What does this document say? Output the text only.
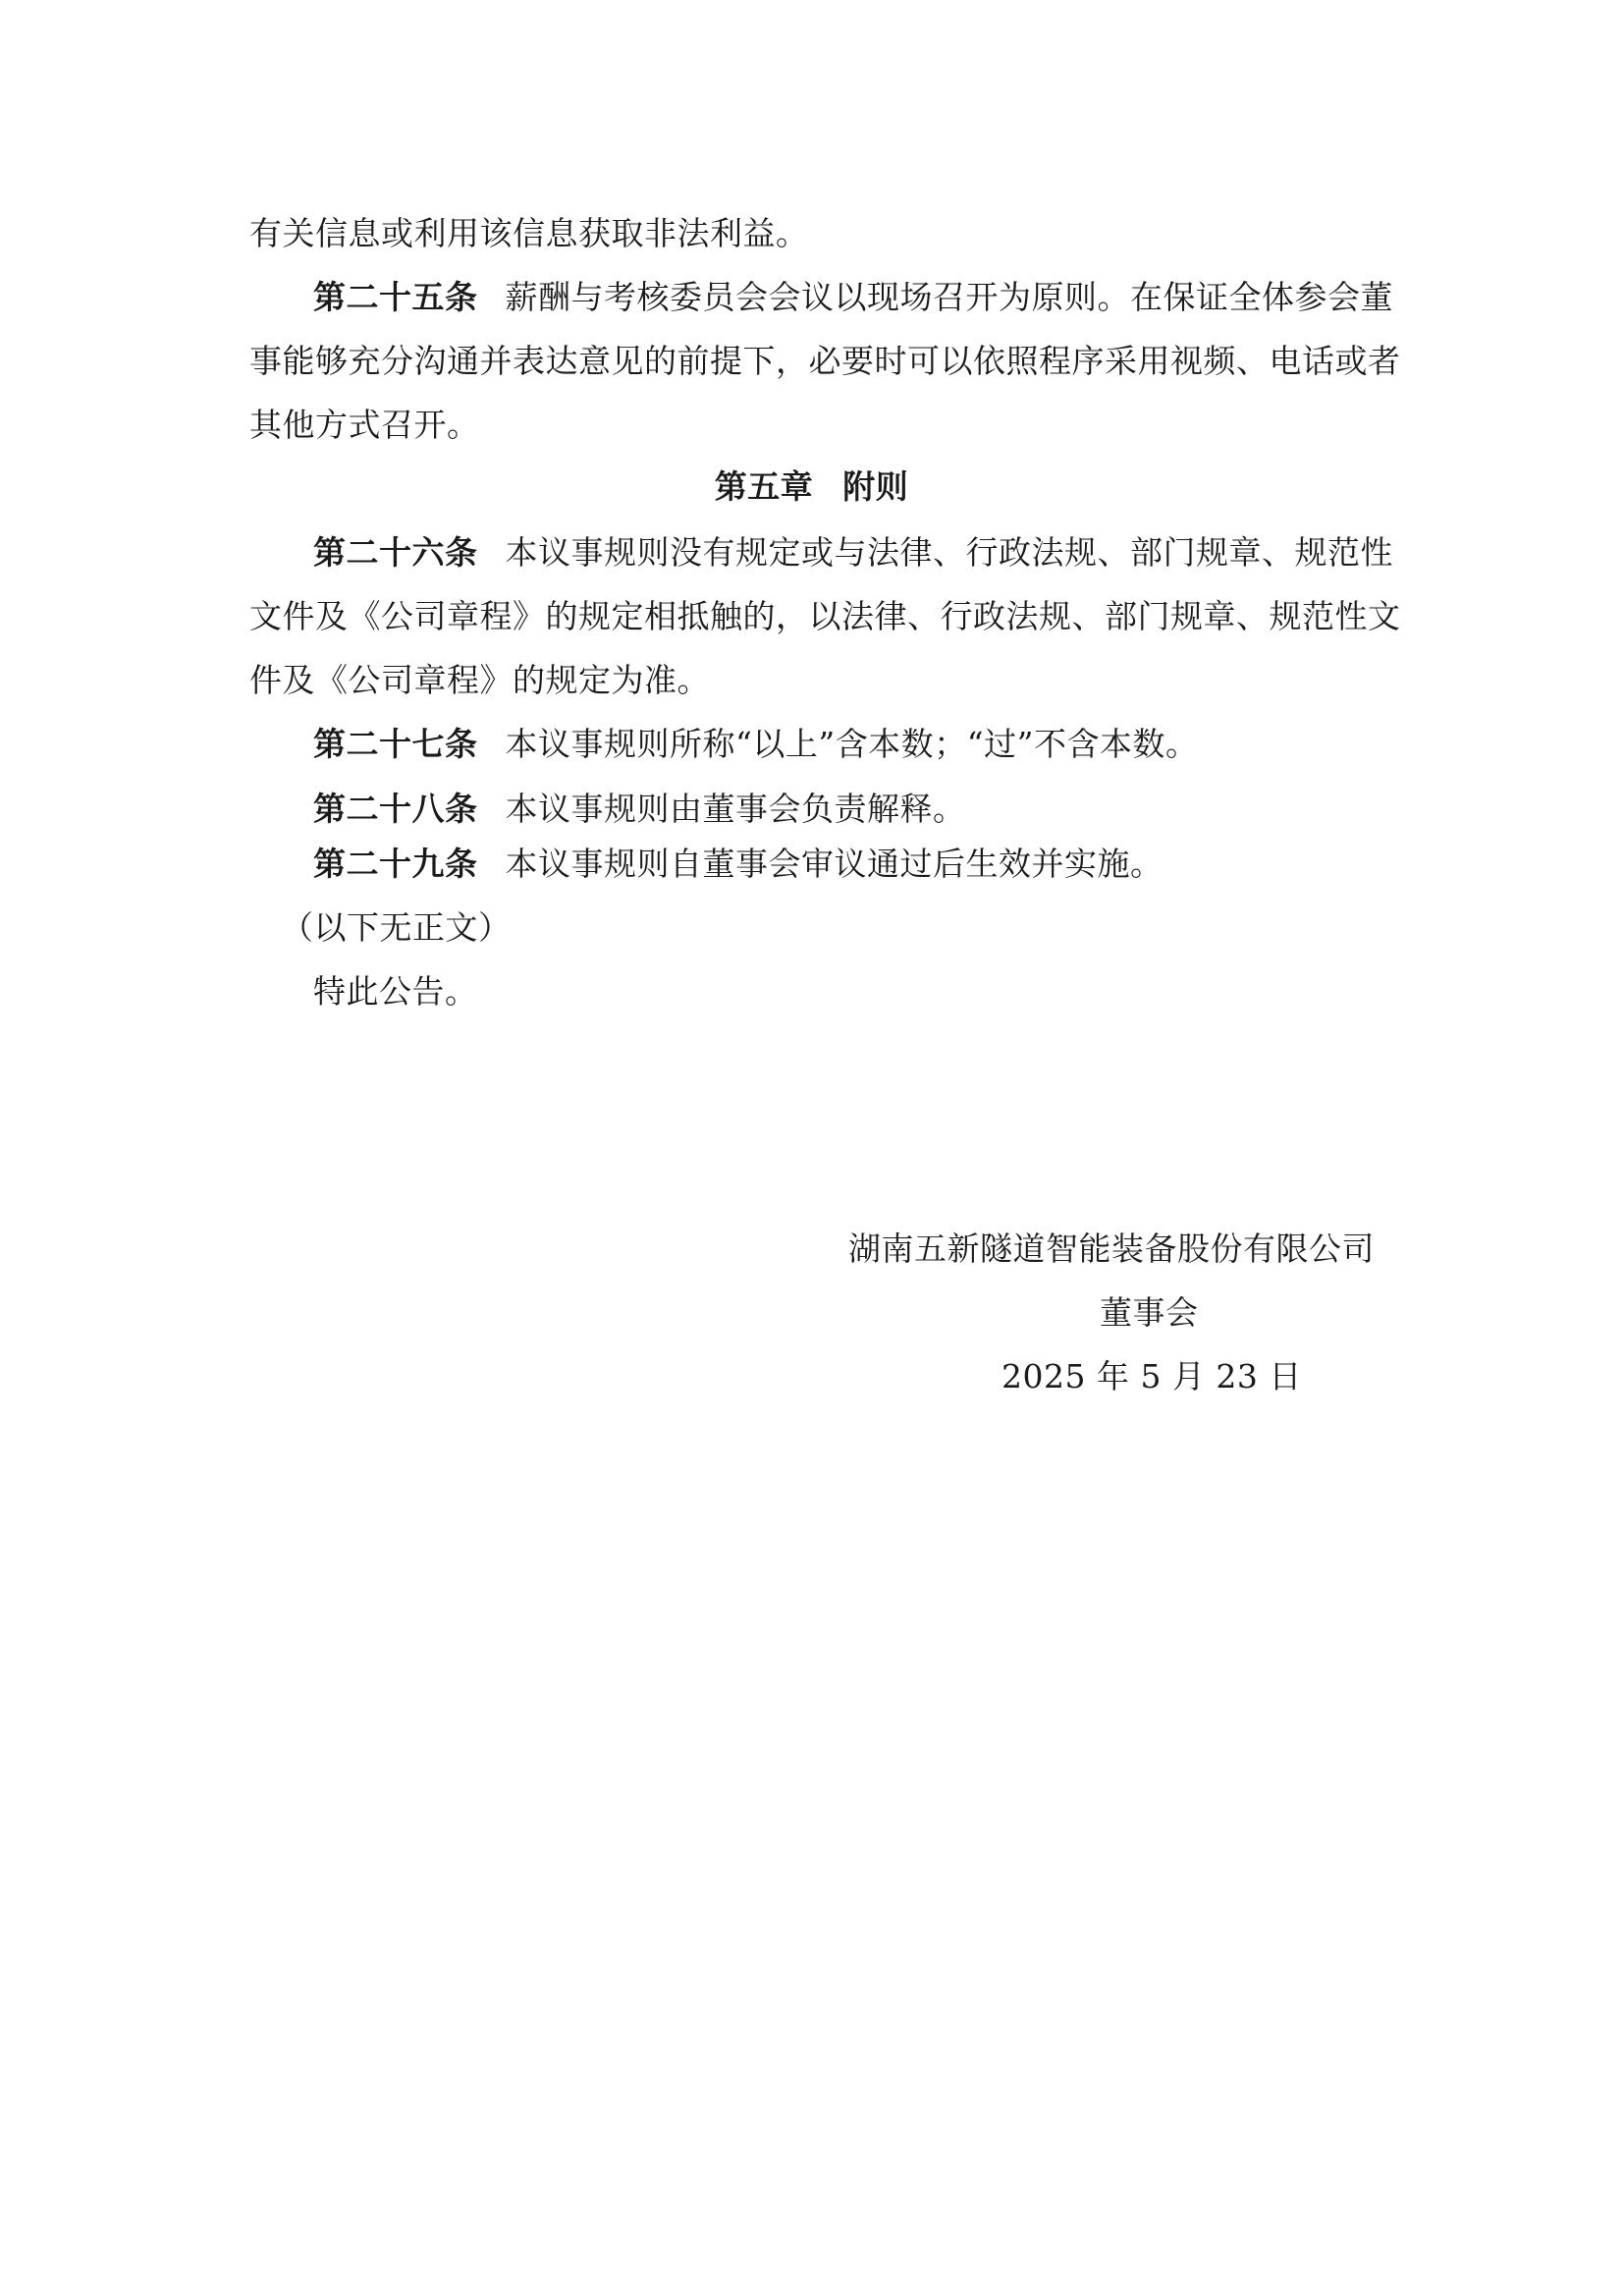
有关信息或利用该信息获取非法利益。
第二十五条 薪酬与考核委员会会议以现场召开为原则。在保证全体参会董
事能够充分沟通并表达意见的前提下，必要时可以依照程序采用视频、电话或者
其他方式召开。
第五章 附则
第二十六条 本议事规则没有规定或与法律、行政法规、部门规章、规范性
文件及《公司章程》的规定相抵触的，以法律、行政法规、部门规章、规范性文
件及《公司章程》的规定为准。
第二十七条 本议事规则所称“以上”含本数；“过”不含本数。
第二十八条 本议事规则由董事会负责解释。
第二十九条 本议事规则自董事会审议通过后生效并实施。
（以下无正文）
特此公告。
湖南五新隧道智能装备股份有限公司
董事会
2025 年 5 月 23 日
